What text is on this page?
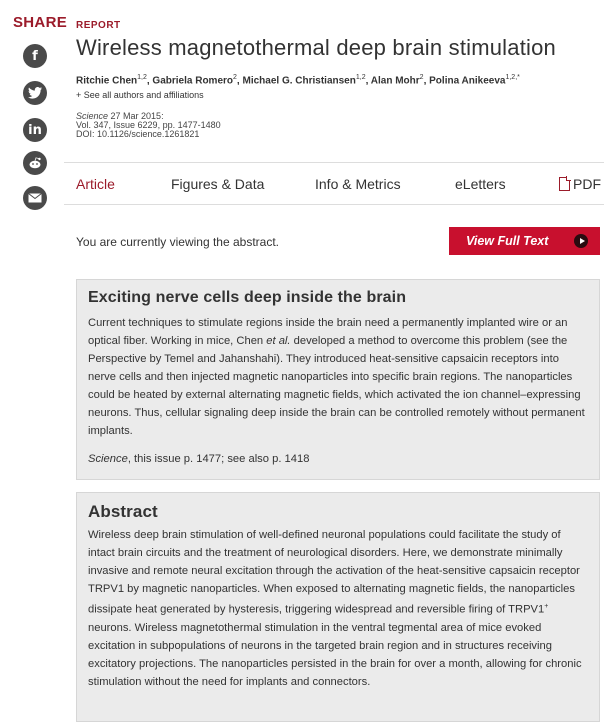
SHARE
f
in
REPORT
Wireless magnetothermal deep brain stimulation
Ritchie Chen$^{1,2}$, Gabriela Romero$^2$, Michael G. Christiansen$^{1,2}$, Alan Mohr$^2$, Polina Anikeeva$^{1,2,*}$
+ See all authors and affiliations
Science 27 Mar 2015:
Vol. 347, Issue 6229, pp. 1477-1480
DOI: 10.1126/science.1261821
Article	Figures & Data	Info & Metrics	eLetters	PDF
You are currently viewing the abstract.	View Full Text
Exciting nerve cells deep inside the brain

Current techniques to stimulate regions inside the brain need a permanently implanted wire or an optical fiber. Working in mice, Chen et al. developed a method to overcome this problem (see the Perspective by Temel and Jahanshahi). They introduced heat-sensitive capsaicin receptors into nerve cells and then injected magnetic nanoparticles into specific brain regions. The nanoparticles could be heated by external alternating magnetic fields, which activated the ion channel–expressing neurons. Thus, cellular signaling deep inside the brain can be controlled remotely without permanent implants.

Science, this issue p. 1477; see also p. 1418

Abstract

Wireless deep brain stimulation of well-defined neuronal populations could facilitate the study of intact brain circuits and the treatment of neurological disorders. Here, we demonstrate minimally invasive and remote neural excitation through the activation of the heat-sensitive capsaicin receptor TRPV1 by magnetic nanoparticles. When exposed to alternating magnetic fields, the nanoparticles dissipate heat generated by hysteresis, triggering widespread and reversible firing of TRPV1+ neurons. Wireless magnetothermal stimulation in the ventral tegmental area of mice evoked excitation in subpopulations of neurons in the targeted brain region and in structures receiving excitatory projections. The nanoparticles persisted in the brain for over a month, allowing for chronic stimulation without the need for implants and connectors.
